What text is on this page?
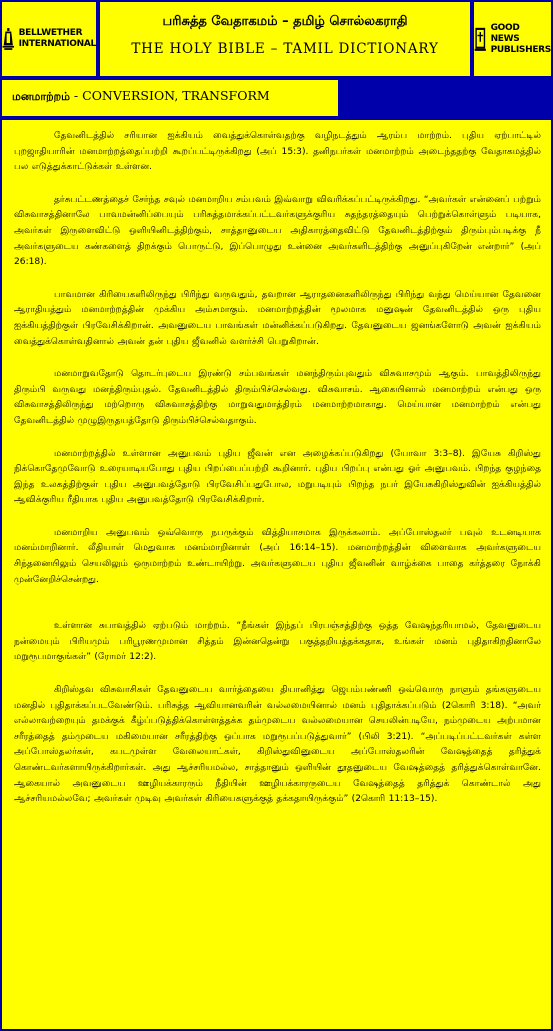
BELLWETHER
INTERNATIONAL
பரிசுத்த வேதாகமம் – தமிழ் சொல்லகராதி
THE HOLY BIBLE – TAMIL DICTIONARY
GOOD NEWS
PUBLISHERS
மனமாற்றம் - CONVERSION, TRANSFORM

தேவனிடத்தில் சரியான ஐக்கியம் வைத்துக்கொள்வதற்கு வழிநடத்தும் ஆரம்ப மாற்றம். புதிய ஏற்பாட்டில் புறஜாதியாரின் மனமாற்றத்தைப்பற்றி கூறப்பட்டிருக்கிறது (அப் 15:3). தனிநபர்கள் மனமாற்றம் அடைந்ததற்கு வேதாகமத்தில் பல எடுத்துக்காட்டுக்கள் உள்ளன.

தர்சுபட்டணத்தைச் சேர்ந்த சவுல் மனமாறிய சம்பவம் இவ்வாறு விவரிக்கப்பட்டிருக்கிறது. “அவர்கள் என்னைப் பற்றும் விசுவாசத்தினாலே பாவமன்னிப்பையும் பரிசுத்தமாக்கப்பட்டவர்களுக்குரிய சுதந்தரத்தையும் பெற்றுக்கொள்ளும் படியாக, அவர்கள் இருளைவிட்டு ஒளியினிடத்திற்கும், சாத்தானுடைய அதிகாரத்தைவிட்டு தேவனிடத்திற்கும் திரும்பும்படிக்கு நீ அவர்களுடைய கண்களைத் திறக்கும் பொருட்டு, இப்பொழுது உன்னை அவர்களிடத்திற்கு அனுப்புகிறேன் என்றார்” (அப் 26:18).

பாவமான கிரியைகளிலிருந்து பிரிந்து வருவதும், தவறான ஆராதனைகளிலிருந்து பிரிந்து வந்து மெய்யான தேவனை ஆராதியத்தும் மனமாற்றத்தின் முக்கிய அம்சமாகும். மனமாற்றத்தின் மூலமாக மனுஷன் தேவனிடத்தில் ஒரு புதிய ஐக்கியத்திற்குள் பிரவேசிக்கிறான். அவனுடைய பாவங்கள் மன்னிக்கப்படுகிறது. தேவனுடைய ஜனங்களோடு அவன் ஐக்கியம் வைத்துக்கொள்வதினால் அவன் தன் புதிய ஜீவனில் வளர்ச்சி பெறுகிறான்.

மனமாறுவதோடு தொடர்புடைய இரண்டு சம்பவங்கள் மனந்திரும்புவதும் விசுவாசமும் ஆகும். பாவத்திலிருந்து திரும்பி வருவது மனந்திரும்புதல். தேவனிடத்தில் திரும்பிச்செல்வது. விசுவாசம். ஆகையினால் மனமாற்றம் என்பது ஒரு விசுவாசத்திலிருந்து மற்றொரு விசுவாசத்திற்கு மாறுவதுமாத்திரம் மனமாற்றமாகாது. மெய்யான மனமாற்றம் என்பது தேவனிடத்தில் முழுஇருதயத்தோடு திரும்பிச்செல்வதாகும்.

மனமாற்றத்தில் உள்ளான அனுபவம் புதிய ஜீவன் என அழைக்கப்படுகிறது (யோவா 3:3–8). இயேசு கிறிஸ்து நிக்கொதேமுவோடு உரையாடியபோது புதிய பிறப்பைப்பற்றி கூறினார். புதிய பிறப்பு என்பது ஓர் அனுபவம். பிறந்த குழந்தை இந்த உலகத்திற்குள் புதிய அனுபவத்தோடு பிரவேசிப்பதுபோல, மறுபடியும் பிறந்த நபர் இயேசுகிறிஸ்துவின் ஐக்கியத்தில் ஆவிக்குரிய ரீதியாக புதிய அனுபவத்தோடு பிரவேசிக்கிறார்.

மனமாறிய அனுபவம் ஒவ்வொரு நபருக்கும் வித்தியாசமாக இருக்கலாம். அப்போஸ்தலர் பவுல் உடனடியாக மனம்மாறினார். லீதியாள் மெதுவாக மனம்மாறினாள் (அப் 16:14–15). மனமாற்றத்தின் விளைவாக அவர்களுடைய சிந்தனையிலும் செயலிலும் ஒருமாற்றம் உண்டாயிற்று. அவர்களுடைய புதிய ஜீவனின் வாழ்க்கை பாதை கர்த்தரை நோக்கி முன்னேறிச்சென்றது.

உள்ளான சுபாவத்தில் ஏற்படும் மாற்றம். “நீங்கள் இந்தப் பிரபஞ்சத்திற்கு ஒத்த வேஷந்தரியாமல், தேவனுடைய நன்மையும் பிரியமும் பரிபூரணமுமான சித்தம் இன்னதென்று பகுத்தறியத்தக்கதாக, உங்கள் மனம் புதிதாகிறதினாலே மறுரூபமாகுங்கள்” (ரோமர் 12:2).

கிறிஸ்தவ விசுவாசிகள் தேவனுடைய வார்த்தையை தியானித்து ஜெபம்பண்ணி ஒவ்வொரு நாளும் தங்களுடைய மனதில் புதிதாக்கப்படவேண்டும். பரிசுத்த ஆவியானவரின் வல்லமையினால் மனம் புதிதாக்கப்படும் (2கொரி 3:18). “அவர் எல்லாவற்றையும் தமக்குக் கீழ்ப்படுத்திக்கொள்ளத்தக்க தம்முடைய வல்லமையான செயலின்படியே, நம்முடைய அற்பமான சரீரத்தைத் தம்முடைய மகிமையான சரீரத்திற்கு ஒப்பாக மறுரூபப்படுத்துவார்” (பிலி 3:21). “அப்படிப்பட்டவர்கள் கள்ள அப்போஸ்தலர்கள், கபடமுள்ள வேலையாட்கள், கிறிஸ்துவினுடைய அப்போஸ்தலரின் வேஷத்தைத் தரித்துக் கொண்டவர்களாயிருக்கிறார்கள். அது ஆச்சரியமல்ல, சாத்தானும் ஒளியின் தூதனுடைய வேஷத்தைத் தரித்துக்கொள்வானே. ஆகையால் அவனுடைய ஊழியக்காரரும் நீதியின் ஊழியக்காரருடைய வேஷத்தைத் தரித்துக் கொண்டால் அது ஆச்சரியமல்லவே; அவர்கள் முடிவு அவர்கள் கிரியைகளுக்குத் தக்கதாயிருக்கும்” (2கொரி 11:13–15).
